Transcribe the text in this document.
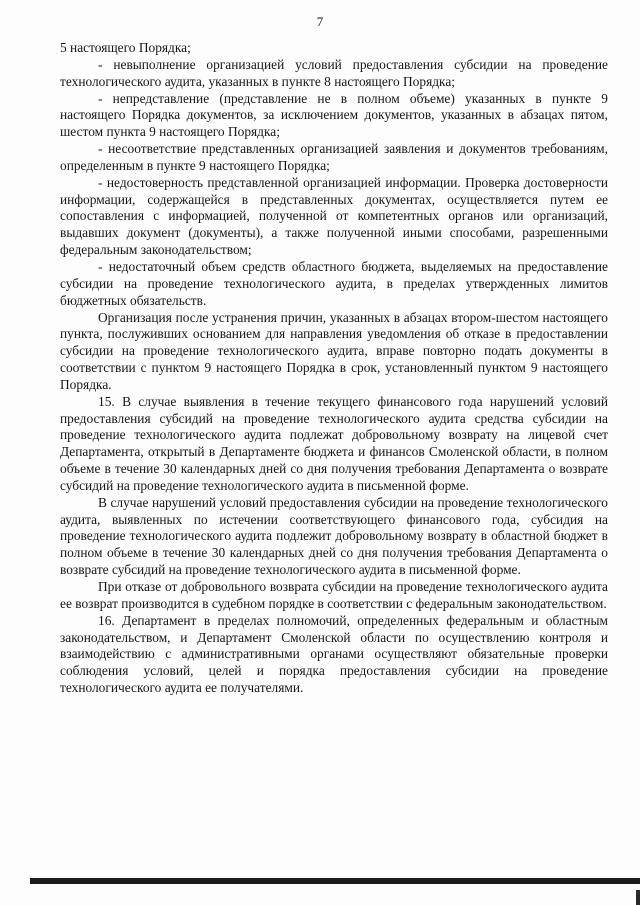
7

5 настоящего Порядка;

- невыполнение организацией условий предоставления субсидии на проведение технологического аудита, указанных в пункте 8 настоящего Порядка;

- непредставление (представление не в полном объеме) указанных в пункте 9 настоящего Порядка документов, за исключением документов, указанных в абзацах пятом, шестом пункта 9 настоящего Порядка;

- несоответствие представленных организацией заявления и документов требованиям, определенным в пункте 9 настоящего Порядка;

- недостоверность представленной организацией информации. Проверка достоверности информации, содержащейся в представленных документах, осуществляется путем ее сопоставления с информацией, полученной от компетентных органов или организаций, выдавших документ (документы), а также полученной иными способами, разрешенными федеральным законодательством;

- недостаточный объем средств областного бюджета, выделяемых на предоставление субсидии на проведение технологического аудита, в пределах утвержденных лимитов бюджетных обязательств.

Организация после устранения причин, указанных в абзацах втором-шестом настоящего пункта, послуживших основанием для направления уведомления об отказе в предоставлении субсидии на проведение технологического аудита, вправе повторно подать документы в соответствии с пунктом 9 настоящего Порядка в срок, установленный пунктом 9 настоящего Порядка.

15. В случае выявления в течение текущего финансового года нарушений условий предоставления субсидий на проведение технологического аудита средства субсидии на проведение технологического аудита подлежат добровольному возврату на лицевой счет Департамента, открытый в Департаменте бюджета и финансов Смоленской области, в полном объеме в течение 30 календарных дней со дня получения требования Департамента о возврате субсидий на проведение технологического аудита в письменной форме.

В случае нарушений условий предоставления субсидии на проведение технологического аудита, выявленных по истечении соответствующего финансового года, субсидия на проведение технологического аудита подлежит добровольному возврату в областной бюджет в полном объеме в течение 30 календарных дней со дня получения требования Департамента о возврате субсидий на проведение технологического аудита в письменной форме.

При отказе от добровольного возврата субсидии на проведение технологического аудита ее возврат производится в судебном порядке в соответствии с федеральным законодательством.

16. Департамент в пределах полномочий, определенных федеральным и областным законодательством, и Департамент Смоленской области по осуществлению контроля и взаимодействию с административными органами осуществляют обязательные проверки соблюдения условий, целей и порядка предоставления субсидии на проведение технологического аудита ее получателями.
